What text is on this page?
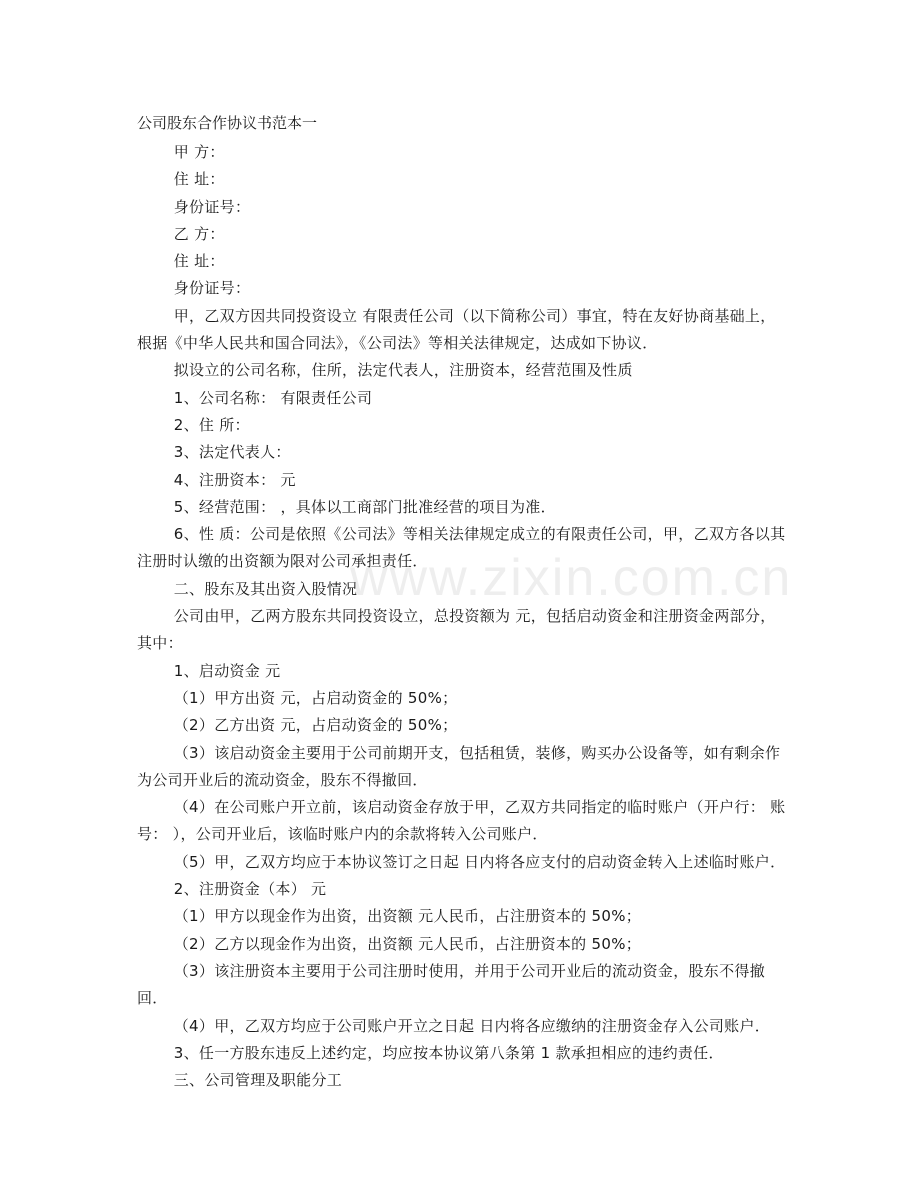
公司股东合作协议书范本一

甲 方：

住 址：

身份证号：

乙 方：

住 址：

身份证号：

甲，乙双方因共同投资设立 有限责任公司（以下简称公司）事宜，特在友好协商基础上，根据《中华人民共和国合同法》，《公司法》等相关法律规定，达成如下协议．

拟设立的公司名称，住所，法定代表人，注册资本，经营范围及性质

1、公司名称： 有限责任公司

2、住 所：

3、法定代表人：

4、注册资本： 元

5、经营范围： ，具体以工商部门批准经营的项目为准．

6、性 质：公司是依照《公司法》等相关法律规定成立的有限责任公司，甲，乙双方各以其注册时认缴的出资额为限对公司承担责任．

二、股东及其出资入股情况

公司由甲，乙两方股东共同投资设立，总投资额为 元，包括启动资金和注册资金两部分，其中：

1、启动资金 元

（1）甲方出资 元，占启动资金的 50%；

（2）乙方出资 元，占启动资金的 50%；

（3）该启动资金主要用于公司前期开支，包括租赁，装修，购买办公设备等，如有剩余作为公司开业后的流动资金，股东不得撤回．

（4）在公司账户开立前，该启动资金存放于甲，乙双方共同指定的临时账户（开户行： 账号： ），公司开业后，该临时账户内的余款将转入公司账户．

（5）甲，乙双方均应于本协议签订之日起 日内将各应支付的启动资金转入上述临时账户．

2、注册资金（本） 元

（1）甲方以现金作为出资，出资额 元人民币，占注册资本的 50%；

（2）乙方以现金作为出资，出资额 元人民币，占注册资本的 50%；

（3）该注册资本主要用于公司注册时使用，并用于公司开业后的流动资金，股东不得撤回．

（4）甲，乙双方均应于公司账户开立之日起 日内将各应缴纳的注册资金存入公司账户．

3、任一方股东违反上述约定，均应按本协议第八条第 1 款承担相应的违约责任．

三、公司管理及职能分工

www.zixin.com.cn
